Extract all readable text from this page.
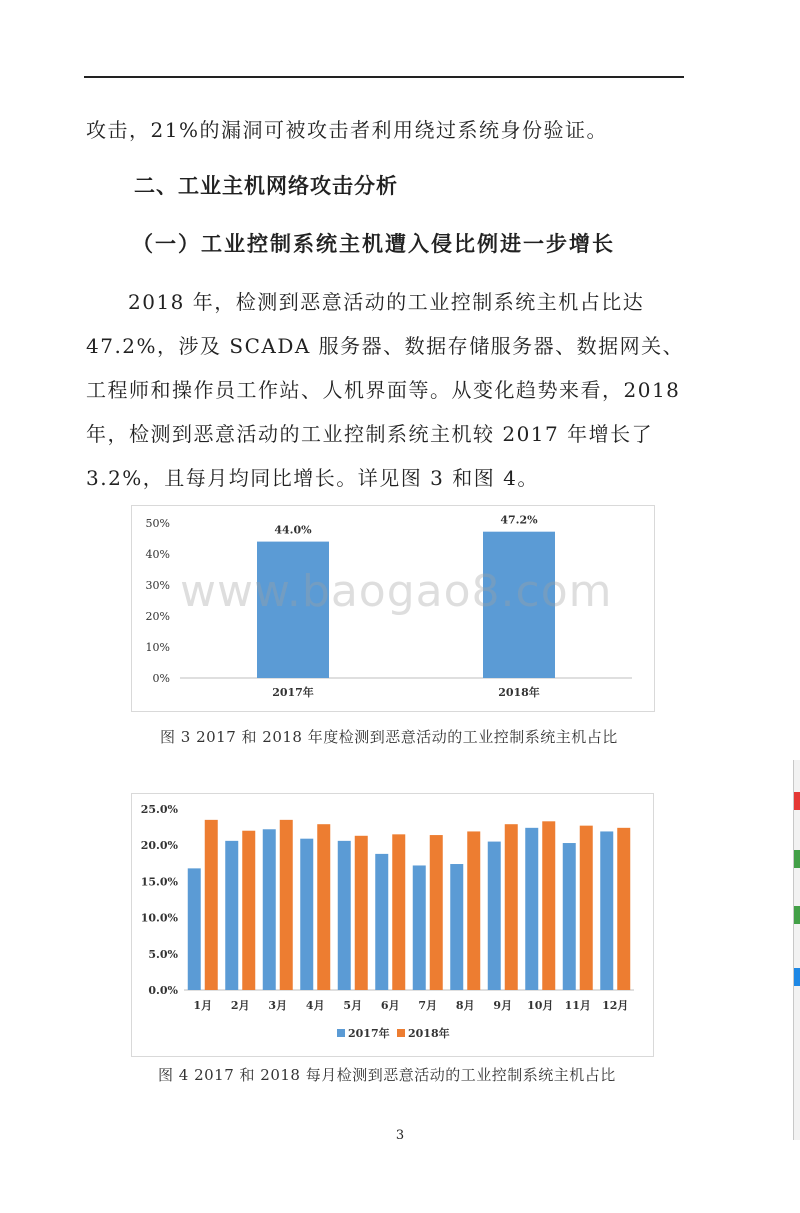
攻击，21%的漏洞可被攻击者利用绕过系统身份验证。
二、工业主机网络攻击分析
（一）工业控制系统主机遭入侵比例进一步增长
2018 年，检测到恶意活动的工业控制系统主机占比达
47.2%，涉及 SCADA 服务器、数据存储服务器、数据网关、
工程师和操作员工作站、人机界面等。从变化趋势来看，2018
年，检测到恶意活动的工业控制系统主机较 2017 年增长了
3.2%，且每月均同比增长。详见图 3 和图 4。
0%
10%
20%
30%
40%
50%
44.0%
2017年
47.2%
2018年
图 3 2017 和 2018 年度检测到恶意活动的工业控制系统主机占比
0.0%
5.0%
10.0%
15.0%
20.0%
25.0%
1月 2月 3月 4月 5月 6月 7月 8月 9月 10月 11月 12月
2017年 2018年
图 4 2017 和 2018 每月检测到恶意活动的工业控制系统主机占比
3
www.baogao8.com
